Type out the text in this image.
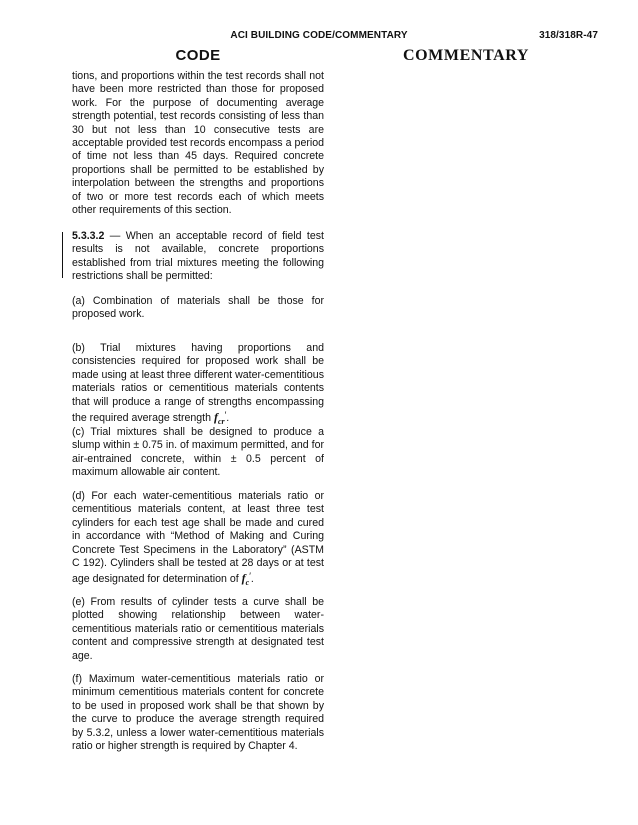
ACI BUILDING CODE/COMMENTARY	318/318R-47
CODE	COMMENTARY

tions, and proportions within the test records shall not have been more restricted than those for proposed work. For the purpose of documenting average strength potential, test records consisting of less than 30 but not less than 10 consecutive tests are acceptable provided test records encompass a period of time not less than 45 days. Required concrete proportions shall be permitted to be established by interpolation between the strengths and proportions of two or more test records each of which meets other requirements of this section.

5.3.3.2 — When an acceptable record of field test results is not available, concrete proportions established from trial mixtures meeting the following restrictions shall be permitted:

(a) Combination of materials shall be those for proposed work.

(b) Trial mixtures having proportions and consistencies required for proposed work shall be made using at least three different water-cementitious materials ratios or cementitious materials contents that will produce a range of strengths encompassing the required average strength $f_{cr}'$.

(c) Trial mixtures shall be designed to produce a slump within ± 0.75 in. of maximum permitted, and for air-entrained concrete, within ± 0.5 percent of maximum allowable air content.

(d) For each water-cementitious materials ratio or cementitious materials content, at least three test cylinders for each test age shall be made and cured in accordance with “Method of Making and Curing Concrete Test Specimens in the Laboratory” (ASTM C 192). Cylinders shall be tested at 28 days or at test age designated for determination of $f_c'$.

(e) From results of cylinder tests a curve shall be plotted showing relationship between water-cementitious materials ratio or cementitious materials content and compressive strength at designated test age.

(f) Maximum water-cementitious materials ratio or minimum cementitious materials content for concrete to be used in proposed work shall be that shown by the curve to produce the average strength required by 5.3.2, unless a lower water-cementitious materials ratio or higher strength is required by Chapter 4.
